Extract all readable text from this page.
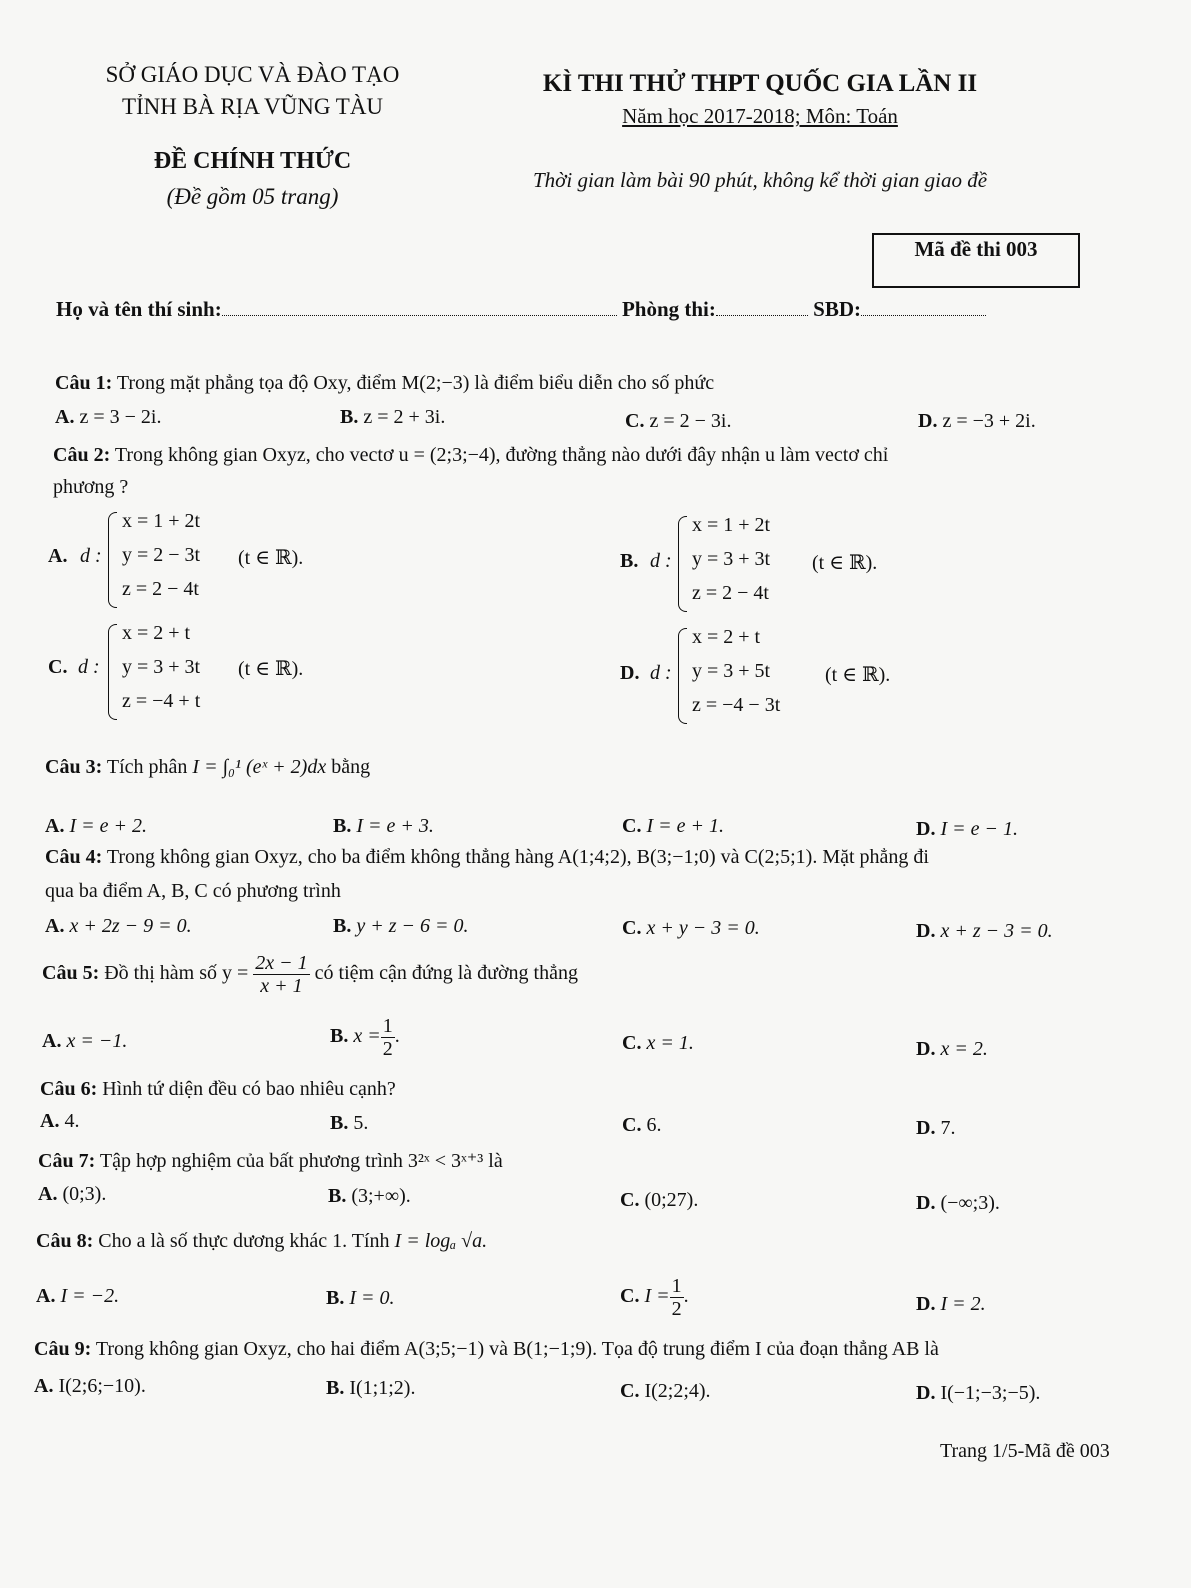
SỞ GIÁO DỤC VÀ ĐÀO TẠO
TỈNH BÀ RỊA VŨNG TÀU
ĐỀ CHÍNH THỨC
(Đề gồm 05 trang)
KÌ THI THỬ THPT QUỐC GIA LẦN II
Năm học 2017-2018; Môn: Toán
Thời gian làm bài 90 phút, không kể thời gian giao đề
Mã đề thi 003
Họ và tên thí sinh:	Phòng thi:	SBD:
Câu 1: Trong mặt phẳng tọa độ Oxy, điểm M(2;−3) là điểm biểu diễn cho số phức
A. z = 3 − 2i.	B. z = 2 + 3i.	C. z = 2 − 3i.	D. z = −3 + 2i.
Câu 2: Trong không gian Oxyz, cho vectơ u = (2;3;−4), đường thẳng nào dưới đây nhận u làm vectơ chỉ
phương ?
A. d :
x = 1 + 2t
y = 2 − 3t
z = 2 − 4t
(t ∈ ℝ).	B. d :
x = 1 + 2t
y = 3 + 3t
z = 2 − 4t
(t ∈ ℝ).
C. d :
x = 2 + t
y = 3 + 3t
z = −4 + t
(t ∈ ℝ).	D. d :
x = 2 + t
y = 3 + 5t
z = −4 − 3t
(t ∈ ℝ).
Câu 3: Tích phân I = ∫₀¹ (eˣ + 2)dx bằng
A. I = e + 2.	B. I = e + 3.	C. I = e + 1.	D. I = e − 1.
Câu 4: Trong không gian Oxyz, cho ba điểm không thẳng hàng A(1;4;2), B(3;−1;0) và C(2;5;1). Mặt phẳng đi
qua ba điểm A, B, C có phương trình
A. x + 2z − 9 = 0.	B. y + z − 6 = 0.	C. x + y − 3 = 0.	D. x + z − 3 = 0.
Câu 5: Đồ thị hàm số $y = \frac{2x - 1}{x + 1}$ có tiệm cận đứng là đường thẳng
A. x = −1.	B. $x = \frac{1}{2}$ .	C. x = 1.	D. x = 2.
Câu 6: Hình tứ diện đều có bao nhiêu cạnh?
A. 4.	B. 5.	C. 6.	D. 7.
Câu 7: Tập hợp nghiệm của bất phương trình 3²ˣ < 3ˣ⁺³ là
A. (0;3).	B. (3;+∞).	C. (0;27).	D. (−∞;3).
Câu 8: Cho a là số thực dương khác 1. Tính I = logₐ √a.
A. I = −2.	B. I = 0.	C. $I = \frac{1}{2}$ .	D. I = 2.
Câu 9: Trong không gian Oxyz, cho hai điểm A(3;5;−1) và B(1;−1;9). Tọa độ trung điểm I của đoạn thẳng AB là
A. I(2;6;−10).	B. I(1;1;2).	C. I(2;2;4).	D. I(−1;−3;−5).
Trang 1/5-Mã đề 003
